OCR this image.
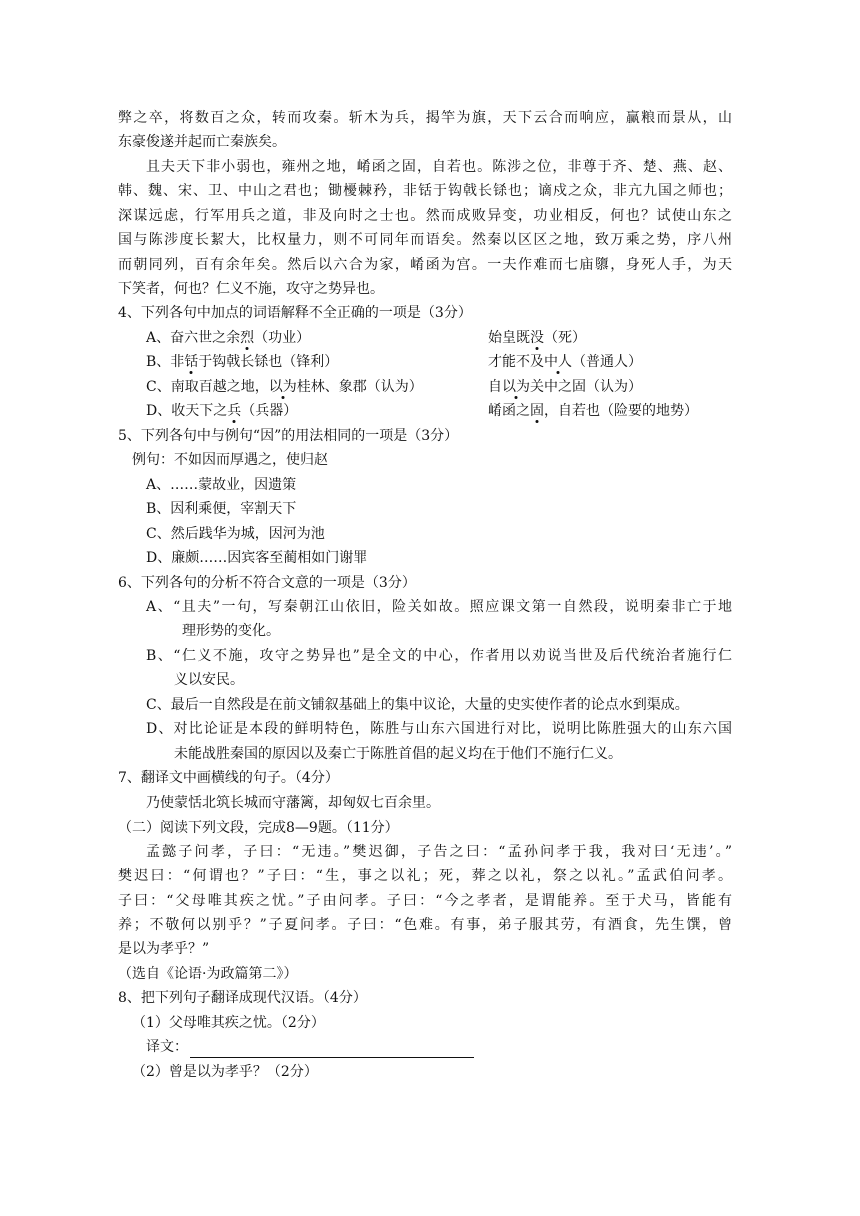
弊之卒，将数百之众，转而攻秦。斩木为兵，揭竿为旗，天下云合而响应，赢粮而景从，山
东豪俊遂并起而亡秦族矣。
且夫天下非小弱也，雍州之地，崤函之固，自若也。陈涉之位，非尊于齐、楚、燕、赵、
韩、魏、宋、卫、中山之君也；锄櫌棘矜，非铦于钩戟长铩也；谪戍之众，非亢九国之师也；
深谋远虑，行军用兵之道，非及向时之士也。然而成败异变，功业相反，何也？试使山东之
国与陈涉度长絜大，比权量力，则不可同年而语矣。然秦以区区之地，致万乘之势，序八州
而朝同列，百有余年矣。然后以六合为家，崤函为宫。一夫作难而七庙隳，身死人手，为天
下笑者，何也？仁义不施，攻守之势异也。
4、下列各句中加点的词语解释不全正确的一项是（3分）
A、奋六世之余烈（功业）	始皇既没（死）
B、非铦于钩戟长铩也（锋利）	才能不及中人（普通人）
C、南取百越之地，以为桂林、象郡（认为）	自以为关中之固（认为）
D、收天下之兵（兵器）	崤函之固，自若也（险要的地势）
5、下列各句中与例句“因”的用法相同的一项是（3分）
例句：不如因而厚遇之，使归赵
A、……蒙故业，因遗策
B、因利乘便，宰割天下
C、然后践华为城，因河为池
D、廉颇……因宾客至蔺相如门谢罪
6、下列各句的分析不符合文意的一项是（3分）
A、“且夫”一句，写秦朝江山依旧，险关如故。照应课文第一自然段，说明秦非亡于地
理形势的变化。
B、“仁义不施，攻守之势异也”是全文的中心，作者用以劝说当世及后代统治者施行仁
义以安民。
C、最后一自然段是在前文铺叙基础上的集中议论，大量的史实使作者的论点水到渠成。
D、对比论证是本段的鲜明特色，陈胜与山东六国进行对比，说明比陈胜强大的山东六国
未能战胜秦国的原因以及秦亡于陈胜首倡的起义均在于他们不施行仁义。
7、翻译文中画横线的句子。（4分）
乃使蒙恬北筑长城而守藩篱，却匈奴七百余里。
（二）阅读下列文段，完成8—9题。（11分）
孟懿子问孝，子曰：“无违。”樊迟御，子告之曰：“孟孙问孝于我，我对曰‘无违’。”
樊迟曰：“何谓也？”子曰：“生，事之以礼；死，葬之以礼，祭之以礼。”孟武伯问孝。
子曰：“父母唯其疾之忧。”子由问孝。子曰：“今之孝者，是谓能养。至于犬马，皆能有
养；不敬何以别乎？”子夏问孝。子曰：“色难。有事，弟子服其劳，有酒食，先生馔，曾
是以为孝乎？”
（选自《论语·为政篇第二》）
8、把下列句子翻译成现代汉语。（4分）
（1）父母唯其疾之忧。（2分）
译文：
（2）曾是以为孝乎？（2分）
